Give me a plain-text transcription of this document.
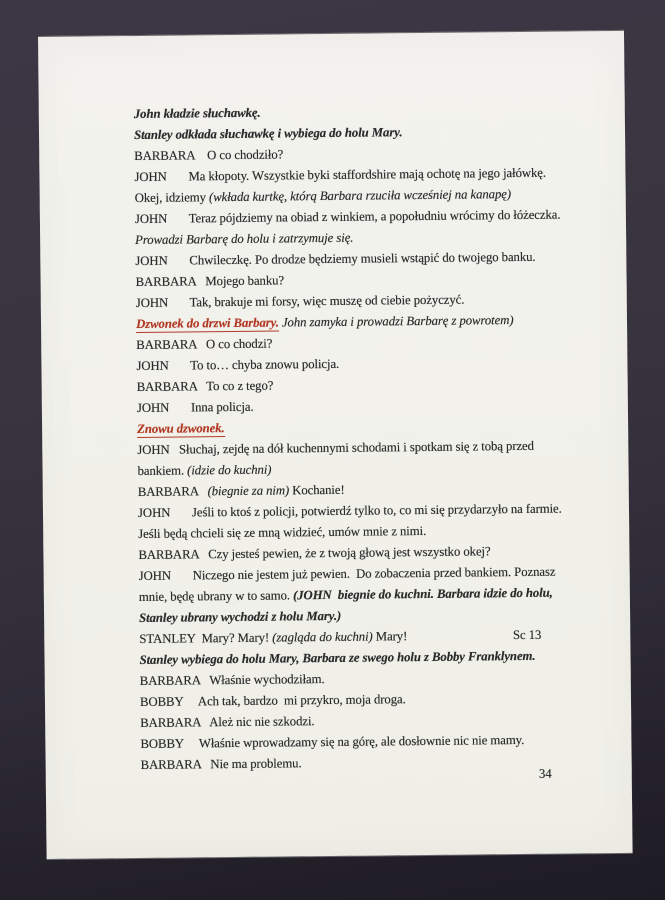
John kładzie słuchawkę.

Stanley odkłada słuchawkę i wybiega do holu Mary.

BARBARA    O co chodziło?

JOHN       Ma kłopoty. Wszystkie byki staffordshire mają ochotę na jego jałówkę.

Okej, idziemy (wkłada kurtkę, którą Barbara rzuciła wcześniej na kanapę)

JOHN       Teraz pójdziemy na obiad z winkiem, a popołudniu wrócimy do łóżeczka.

Prowadzi Barbarę do holu i zatrzymuje się.

JOHN       Chwileczkę. Po drodze będziemy musieli wstąpić do twojego banku.

BARBARA   Mojego banku?

JOHN       Tak, brakuje mi forsy, więc muszę od ciebie pożyczyć.

Dzwonek do drzwi Barbary. John zamyka i prowadzi Barbarę z powrotem)

BARBARA   O co chodzi?

JOHN       To to… chyba znowu policja.

BARBARA   To co z tego?

JOHN       Inna policja.

Znowu dzwonek.

JOHN   Słuchaj, zejdę na dół kuchennymi schodami i spotkam się z tobą przed

bankiem. (idzie do kuchni)

BARBARA   (biegnie za nim) Kochanie!

JOHN       Jeśli to ktoś z policji, potwierdź tylko to, co mi się przydarzyło na farmie.

Jeśli będą chcieli się ze mną widzieć, umów mnie z nimi.

BARBARA   Czy jesteś pewien, że z twoją głową jest wszystko okej?

JOHN       Niczego nie jestem już pewien.  Do zobaczenia przed bankiem. Poznasz

mnie, będę ubrany w to samo. (JOHN  biegnie do kuchni. Barbara idzie do holu,

Stanley ubrany wychodzi z holu Mary.)

STANLEY  Mary? Mary! (zagląda do kuchni) Mary!	Sc 13

Stanley wybiega do holu Mary, Barbara ze swego holu z Bobby Franklynem.

BARBARA   Właśnie wychodziłam.

BOBBY     Ach tak, bardzo  mi przykro, moja droga.

BARBARA   Ależ nic nie szkodzi.

BOBBY     Właśnie wprowadzamy się na górę, ale dosłownie nic nie mamy.

BARBARA   Nie ma problemu.

34
